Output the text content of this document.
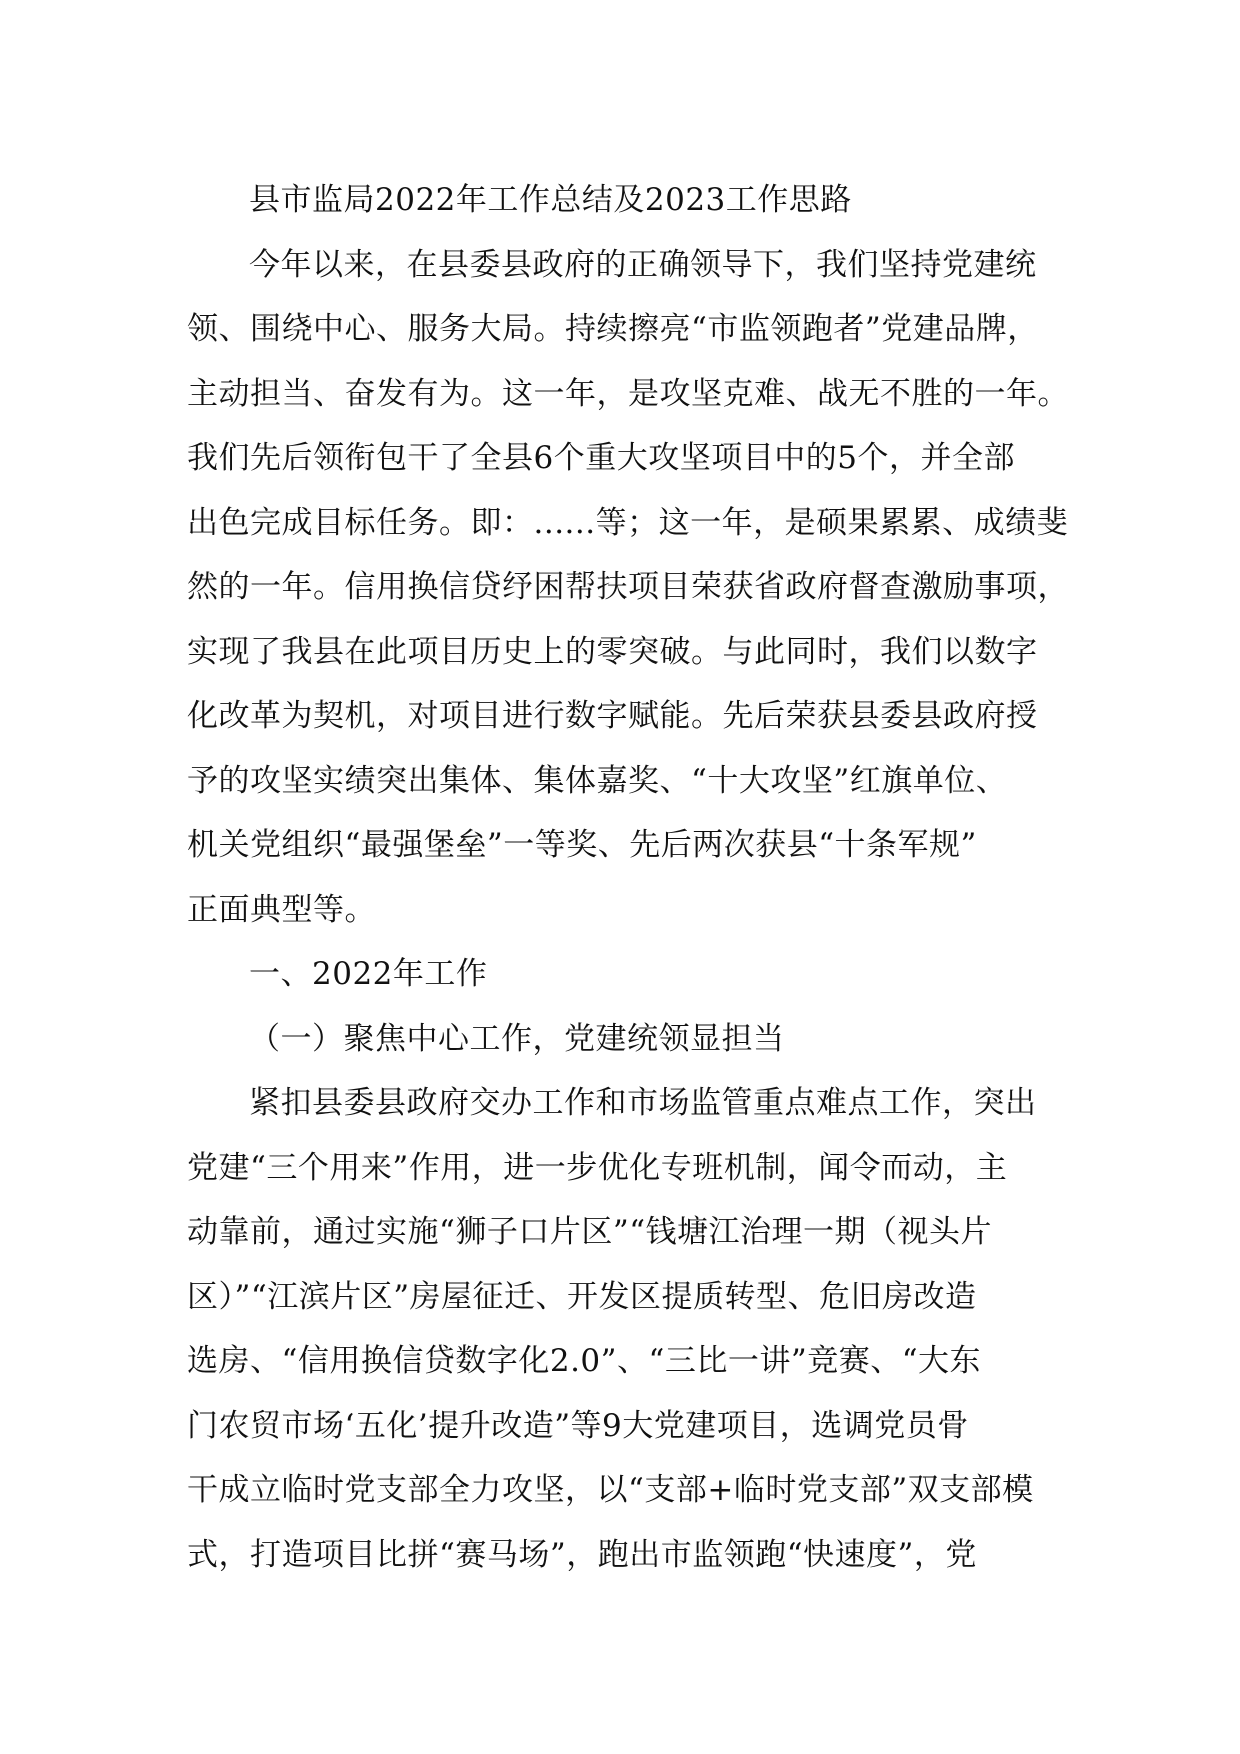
县市监局2022年工作总结及2023工作思路
今年以来，在县委县政府的正确领导下，我们坚持党建统
领、围绕中心、服务大局。持续擦亮“市监领跑者”党建品牌，
主动担当、奋发有为。这一年，是攻坚克难、战无不胜的一年。
我们先后领衔包干了全县6个重大攻坚项目中的5个，并全部
出色完成目标任务。即：......等；这一年，是硕果累累、成绩斐
然的一年。信用换信贷纾困帮扶项目荣获省政府督查激励事项，
实现了我县在此项目历史上的零突破。与此同时，我们以数字
化改革为契机，对项目进行数字赋能。先后荣获县委县政府授
予的攻坚实绩突出集体、集体嘉奖、“十大攻坚”红旗单位、
机关党组织“最强堡垒”一等奖、先后两次获县“十条军规”
正面典型等。
一、2022年工作
（一）聚焦中心工作，党建统领显担当
紧扣县委县政府交办工作和市场监管重点难点工作，突出
党建“三个用来”作用，进一步优化专班机制，闻令而动，主
动靠前，通过实施“狮子口片区”“钱塘江治理一期（视头片
区）”“江滨片区”房屋征迁、开发区提质转型、危旧房改造
选房、“信用换信贷数字化2.0”、“三比一讲”竞赛、“大东
门农贸市场‘五化’提升改造”等9大党建项目，选调党员骨
干成立临时党支部全力攻坚，以“支部+临时党支部”双支部模
式，打造项目比拼“赛马场”，跑出市监领跑“快速度”，党
